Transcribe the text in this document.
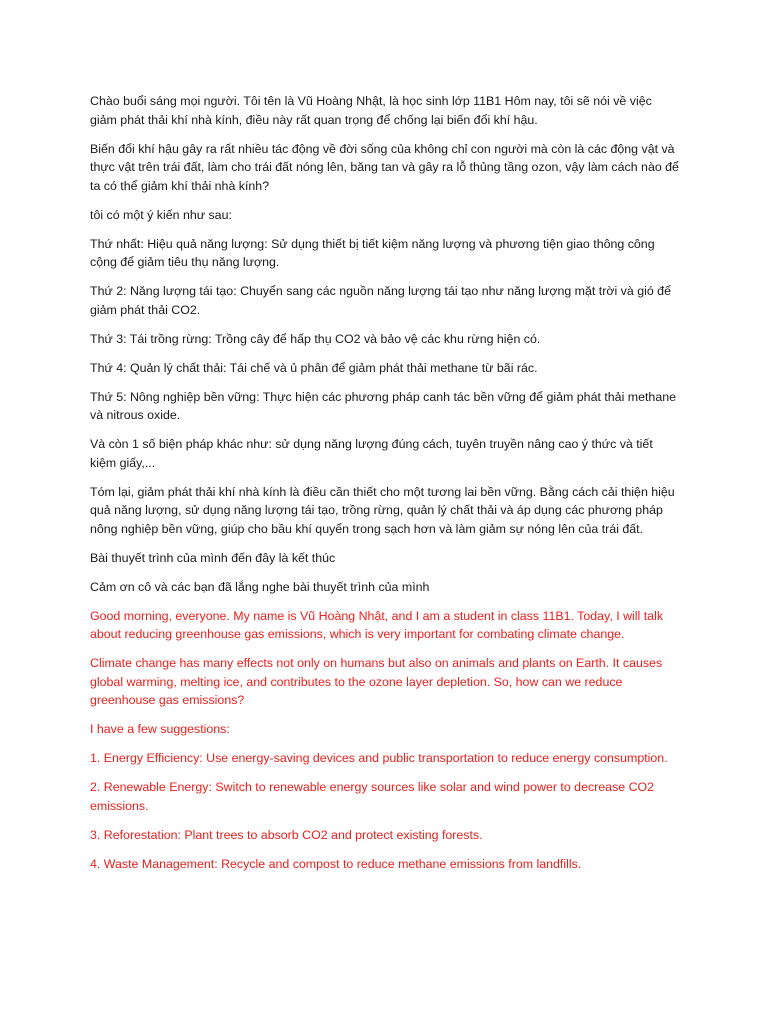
Chào buổi sáng mọi người. Tôi tên là Vũ Hoàng Nhật, là học sinh lớp 11B1 Hôm nay, tôi sẽ nói về việc giảm phát thải khí nhà kính, điều này rất quan trọng để chống lại biến đổi khí hậu.

Biến đổi khí hậu gây ra rất nhiều tác động về đời sống của không chỉ con người mà còn là các động vật và thực vật trên trái đất, làm cho trái đất nóng lên, băng tan và gây ra lỗ thủng tầng ozon, vậy làm cách nào để ta có thể giảm khí thải nhà kính?

tôi có một ý kiến như sau:

Thứ nhất: Hiệu quả năng lượng: Sử dụng thiết bị tiết kiệm năng lượng và phương tiện giao thông công cộng để giảm tiêu thụ năng lượng.

Thứ 2: Năng lượng tái tạo: Chuyển sang các nguồn năng lượng tái tạo như năng lượng mặt trời và gió để giảm phát thải CO2.

Thứ 3: Tái trồng rừng: Trồng cây để hấp thụ CO2 và bảo vệ các khu rừng hiện có.

Thứ 4: Quản lý chất thải: Tái chế và ủ phân để giảm phát thải methane từ bãi rác.

Thứ 5: Nông nghiệp bền vững: Thực hiện các phương pháp canh tác bền vững để giảm phát thải methane và nitrous oxide.

Và còn 1 số biện pháp khác như: sử dụng năng lượng đúng cách, tuyên truyền nâng cao ý thức và tiết kiệm giấy,...

Tóm lại, giảm phát thải khí nhà kính là điều cần thiết cho một tương lai bền vững. Bằng cách cải thiện hiệu quả năng lượng, sử dụng năng lượng tái tạo, trồng rừng, quản lý chất thải và áp dụng các phương pháp nông nghiệp bền vững, giúp cho bầu khí quyển trong sạch hơn và làm giảm sự nóng lên của trái đất.

Bài thuyết trình của mình đến đây là kết thúc

Cảm ơn cô và các bạn đã lắng nghe bài thuyết trình của mình

Good morning, everyone. My name is Vũ Hoàng Nhật, and I am a student in class 11B1. Today, I will talk about reducing greenhouse gas emissions, which is very important for combating climate change.

Climate change has many effects not only on humans but also on animals and plants on Earth. It causes global warming, melting ice, and contributes to the ozone layer depletion. So, how can we reduce greenhouse gas emissions?

I have a few suggestions:

1. Energy Efficiency: Use energy-saving devices and public transportation to reduce energy consumption.

2. Renewable Energy: Switch to renewable energy sources like solar and wind power to decrease CO2 emissions.

3. Reforestation: Plant trees to absorb CO2 and protect existing forests.

4. Waste Management: Recycle and compost to reduce methane emissions from landfills.
